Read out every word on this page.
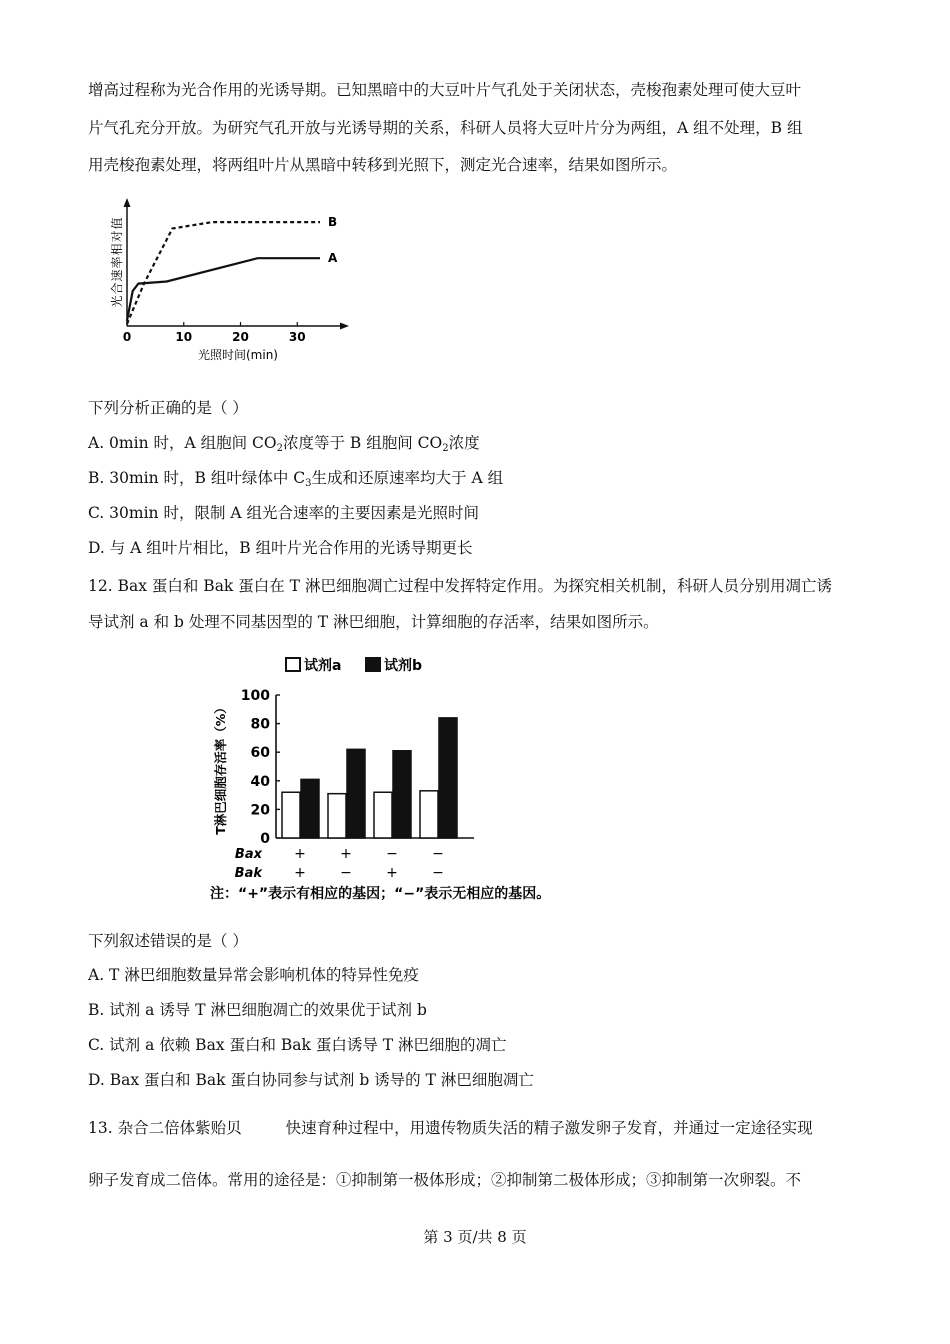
增高过程称为光合作用的光诱导期。已知黑暗中的大豆叶片气孔处于关闭状态，壳梭孢素处理可使大豆叶
片气孔充分开放。为研究气孔开放与光诱导期的关系，科研人员将大豆叶片分为两组，A 组不处理，B 组
用壳梭孢素处理，将两组叶片从黑暗中转移到光照下，测定光合速率，结果如图所示。
0	10	20	30
B
A
光合速率相对值
光照时间(min)
下列分析正确的是（ ）
A. 0min 时，A 组胞间 CO2浓度等于 B 组胞间 CO2浓度
B. 30min 时，B 组叶绿体中 C3生成和还原速率均大于 A 组
C. 30min 时，限制 A 组光合速率的主要因素是光照时间
D. 与 A 组叶片相比，B 组叶片光合作用的光诱导期更长
12. Bax 蛋白和 Bak 蛋白在 T 淋巴细胞凋亡过程中发挥特定作用。为探究相关机制，科研人员分别用凋亡诱
导试剂 a 和 b 处理不同基因型的 T 淋巴细胞，计算细胞的存活率，结果如图所示。
试剂a	试剂b
0
20
40
60
80
100
Bax + + − −
Bak + − + −
T淋巴细胞存活率（%）
注：“+”表示有相应的基因；“−”表示无相应的基因。
下列叙述错误的是（ ）
A. T 淋巴细胞数量异常会影响机体的特异性免疫
B. 试剂 a 诱导 T 淋巴细胞凋亡的效果优于试剂 b
C. 试剂 a 依赖 Bax 蛋白和 Bak 蛋白诱导 T 淋巴细胞的凋亡
D. Bax 蛋白和 Bak 蛋白协同参与试剂 b 诱导的 T 淋巴细胞凋亡
13. 杂合二倍体紫贻贝	快速育种过程中，用遗传物质失活的精子激发卵子发育，并通过一定途径实现
卵子发育成二倍体。常用的途径是：①抑制第一极体形成；②抑制第二极体形成；③抑制第一次卵裂。不
第 3 页/共 8 页
